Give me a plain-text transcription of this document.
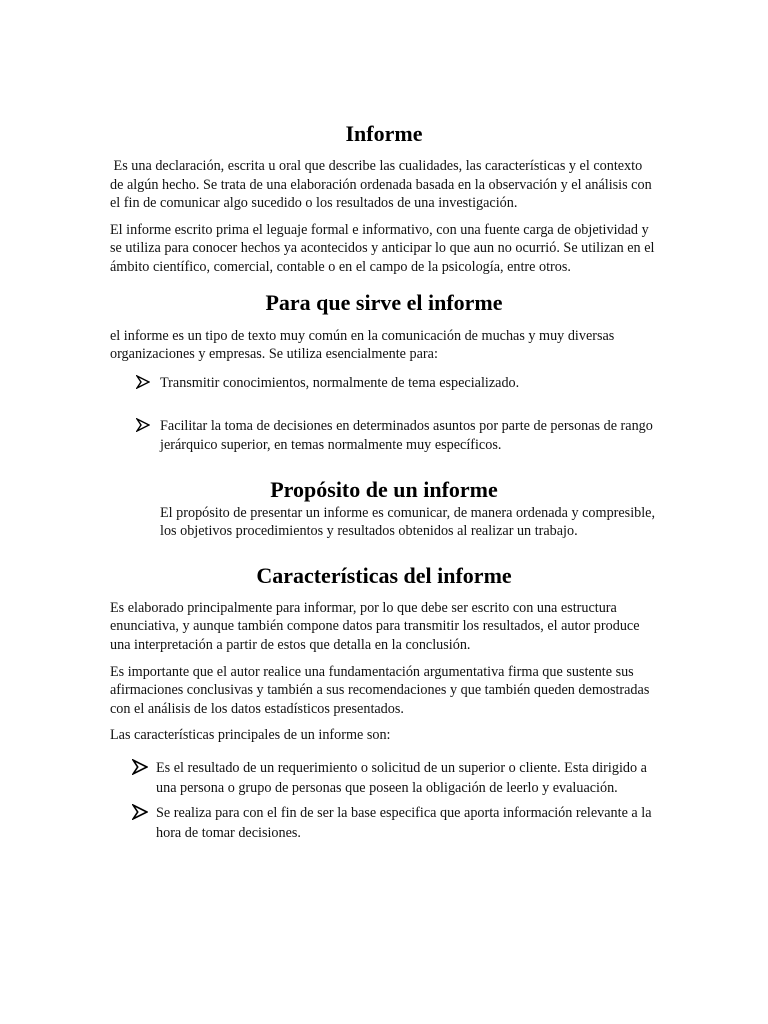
Informe

Es una declaración, escrita u oral que describe las cualidades, las características y el contexto de algún hecho. Se trata de una elaboración ordenada basada en la observación y el análisis con el fin de comunicar algo sucedido o los resultados de una investigación.

El informe escrito prima el leguaje formal e informativo, con una fuente carga de objetividad y se utiliza para conocer hechos ya acontecidos y anticipar lo que aun no ocurrió. Se utilizan en el ámbito científico, comercial, contable o en el campo de la psicología, entre otros.

Para que sirve el informe

el informe es un tipo de texto muy común en la comunicación de muchas y muy diversas organizaciones y empresas. Se utiliza esencialmente para:

Transmitir conocimientos, normalmente de tema especializado.
Facilitar la toma de decisiones en determinados asuntos por parte de personas de rango jerárquico superior, en temas normalmente muy específicos.
Propósito de un informe

El propósito de presentar un informe es comunicar, de manera ordenada y compresible, los objetivos procedimientos y resultados obtenidos al realizar un trabajo.

Características del informe

Es elaborado principalmente para informar, por lo que debe ser escrito con una estructura enunciativa, y aunque también compone datos para transmitir los resultados, el autor produce una interpretación a partir de estos que detalla en la conclusión.

Es importante que el autor realice una fundamentación argumentativa firma que sustente sus afirmaciones conclusivas y también a sus recomendaciones y que también queden demostradas con el análisis de los datos estadísticos presentados.

Las características principales de un informe son:

Es el resultado de un requerimiento o solicitud de un superior o cliente. Esta dirigido a una persona o grupo de personas que poseen la obligación de leerlo y evaluación.
Se realiza para con el fin de ser la base especifica que aporta información relevante a la hora de tomar decisiones.
